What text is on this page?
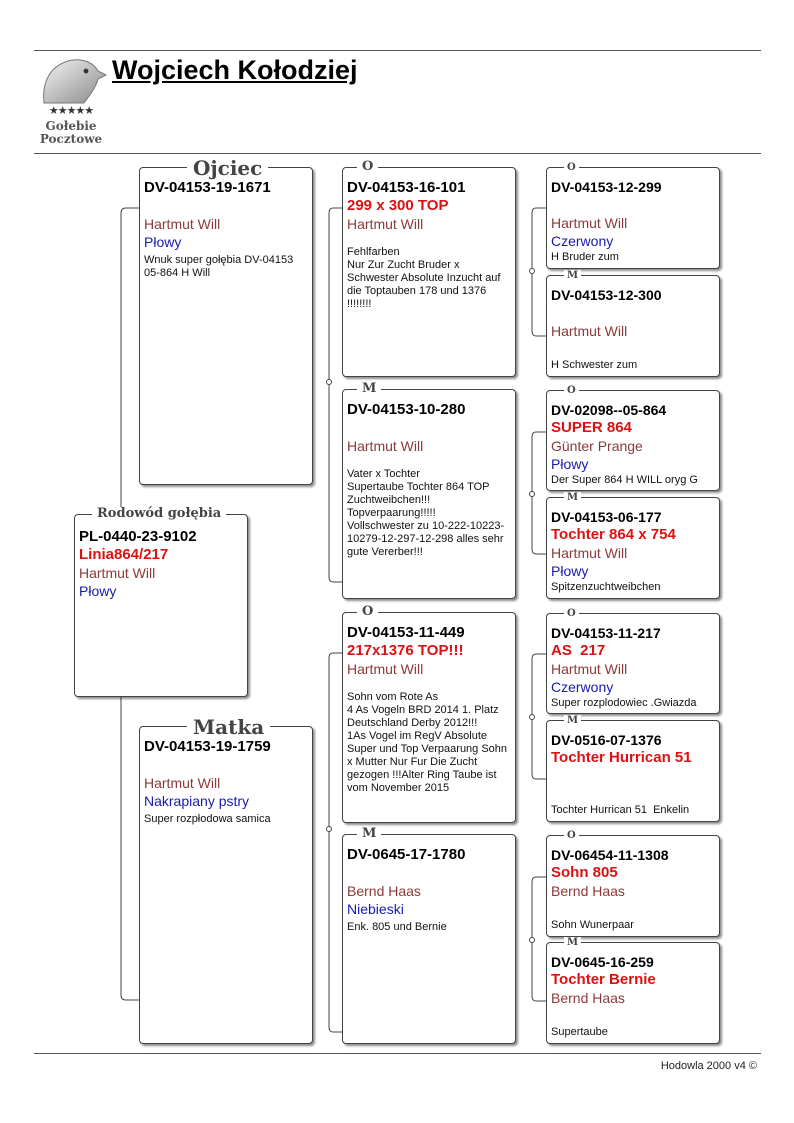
★★★★★
Gołebie
Pocztowe
Wojciech Kołodziej
PL-0440-23-9102
Linia864/217
Hartmut Will
Płowy
Rodowód gołębia
DV-04153-19-1671
Hartmut Will
Płowy
Wnuk super gołębia DV-04153 05-864 H Will
Ojciec
DV-04153-19-1759
Hartmut Will
Nakrapiany pstry
Super rozpłodowa samica
Matka
DV-04153-16-101
299 x 300 TOP
Hartmut Will
Fehlfarben
Nur Zur Zucht Bruder x Schwester Absolute Inzucht auf die Toptauben 178 und 1376 !!!!!!!!
O
DV-04153-10-280
Hartmut Will
Vater x Tochter
Supertaube Tochter 864 TOP Zuchtweibchen!!!
Topverpaarung!!!!!
Vollschwester zu 10-222-10223-10279-12-297-12-298 alles sehr gute Vererber!!!
M
DV-04153-11-449
217x1376 TOP!!!
Hartmut Will
Sohn vom Rote As
4 As Vogeln BRD 2014 1. Platz Deutschland Derby 2012!!!
1As Vogel im RegV Absolute Super und Top Verpaarung Sohn x Mutter Nur Fur Die Zucht gezogen !!!Alter Ring Taube ist vom November 2015
O
DV-0645-17-1780
Bernd Haas
Niebieski
Enk. 805 und Bernie
M
DV-04153-12-299
Hartmut Will
Czerwony
H Bruder zum
O
DV-04153-12-300
Hartmut Will
H Schwester zum
M
DV-02098--05-864
SUPER 864
Günter Prange
Płowy
Der Super 864 H WILL oryg G
O
DV-04153-06-177
Tochter 864 x 754
Hartmut Will
Płowy
Spitzenzuchtweibchen
M
DV-04153-11-217
AS  217
Hartmut Will
Czerwony
Super rozplodowiec .Gwiazda
O
DV-0516-07-1376
Tochter Hurrican 51
Tochter Hurrican 51  Enkelin
M
DV-06454-11-1308
Sohn 805
Bernd Haas
Sohn Wunerpaar
O
DV-0645-16-259
Tochter Bernie
Bernd Haas
Supertaube
M
Hodowla 2000 v4 ©
